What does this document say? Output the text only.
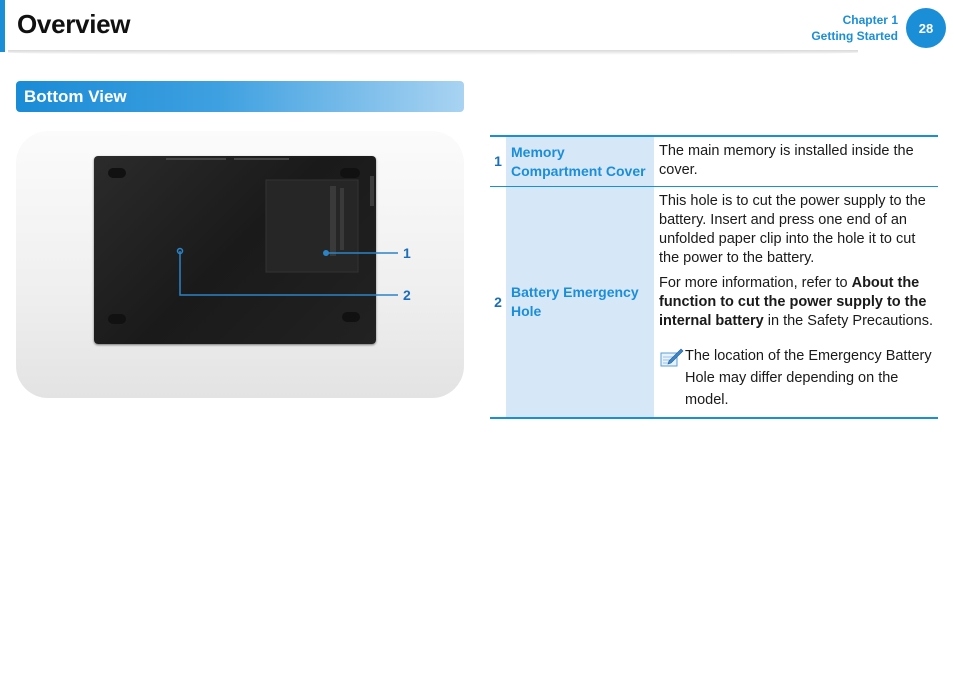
Overview	Chapter 1
Getting Started
28
Bottom View
1
2
1	Memory Compartment Cover	The main memory is installed inside the cover.
2	Battery Emergency Hole	This hole is to cut the power supply to the battery. Insert and press one end of an unfolded paper clip into the hole it to cut the power to the battery.

For more information, refer to About the function to cut the power supply to the internal battery in the Safety Precautions.

The location of the Emergency Battery Hole may differ depending on the model.
